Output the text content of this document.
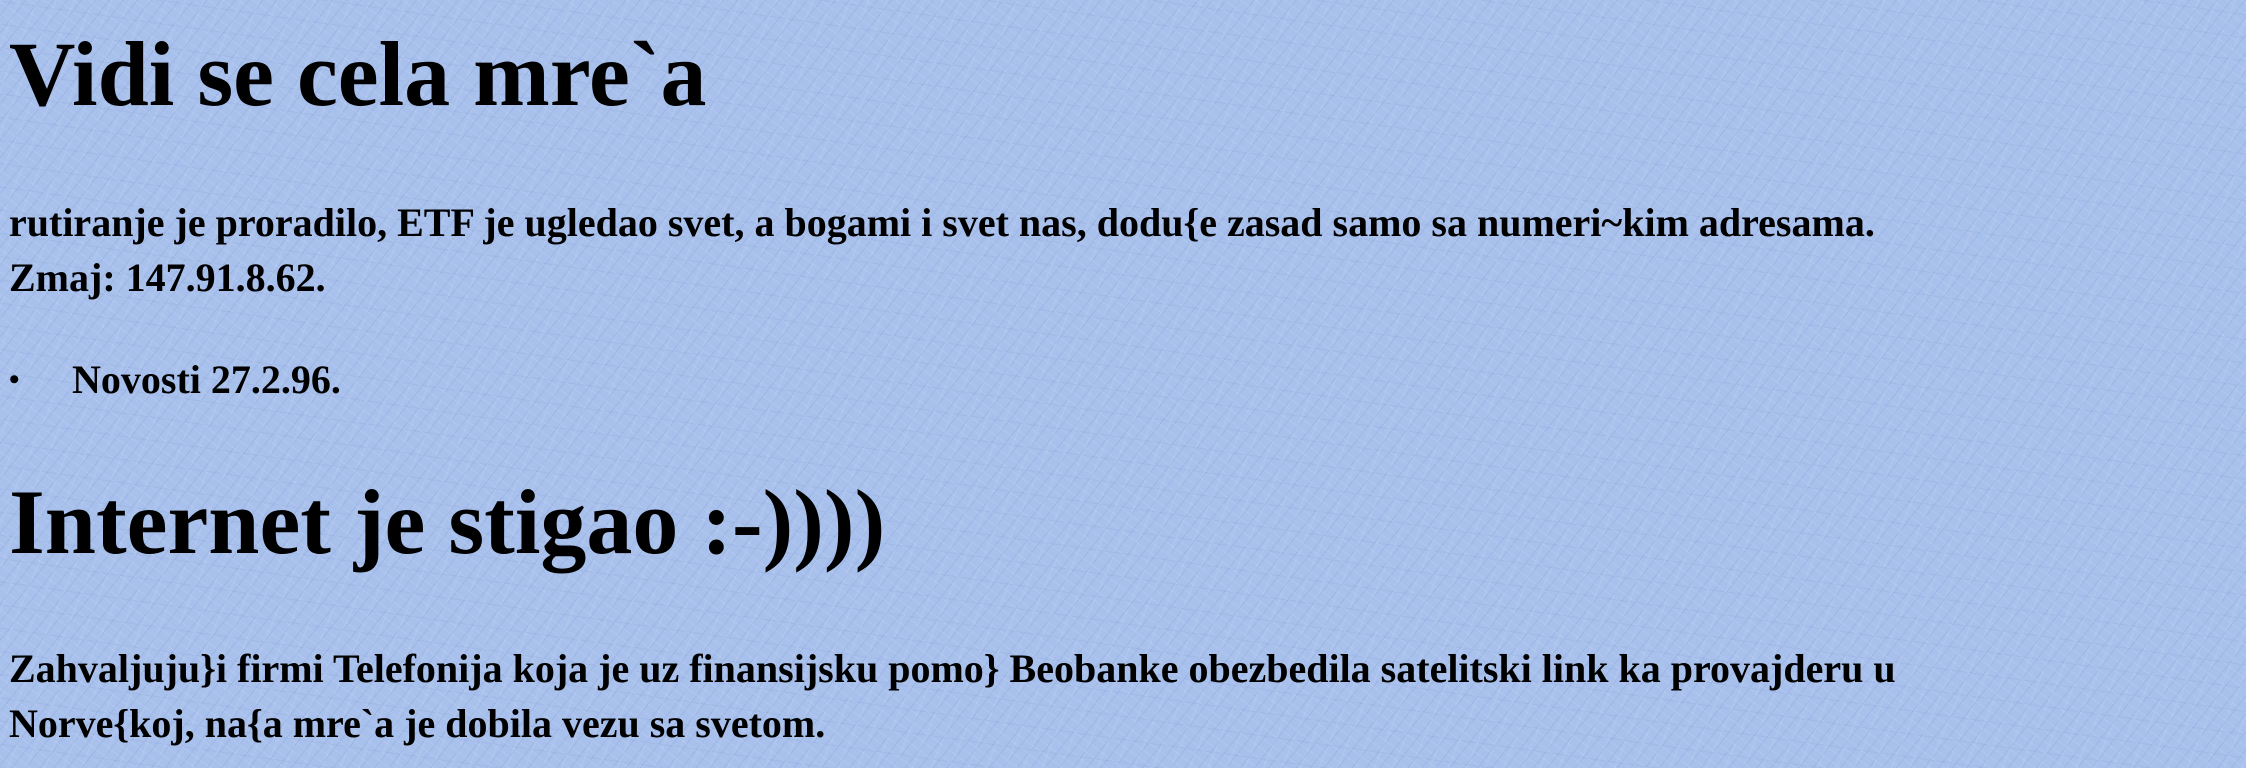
Vidi se cela mre`a

rutiranje je proradilo, ETF je ugledao svet, a bogami i svet nas, dodu{e zasad samo sa numeri~kim adresama.
Zmaj: 147.91.8.62.

• Novosti 27.2.96.
Internet je stigao :-))))

Zahvaljuju}i firmi Telefonija koja je uz finansijsku pomo} Beobanke obezbedila satelitski link ka provajderu u
Norve{koj, na{a mre`a je dobila vezu sa svetom.
